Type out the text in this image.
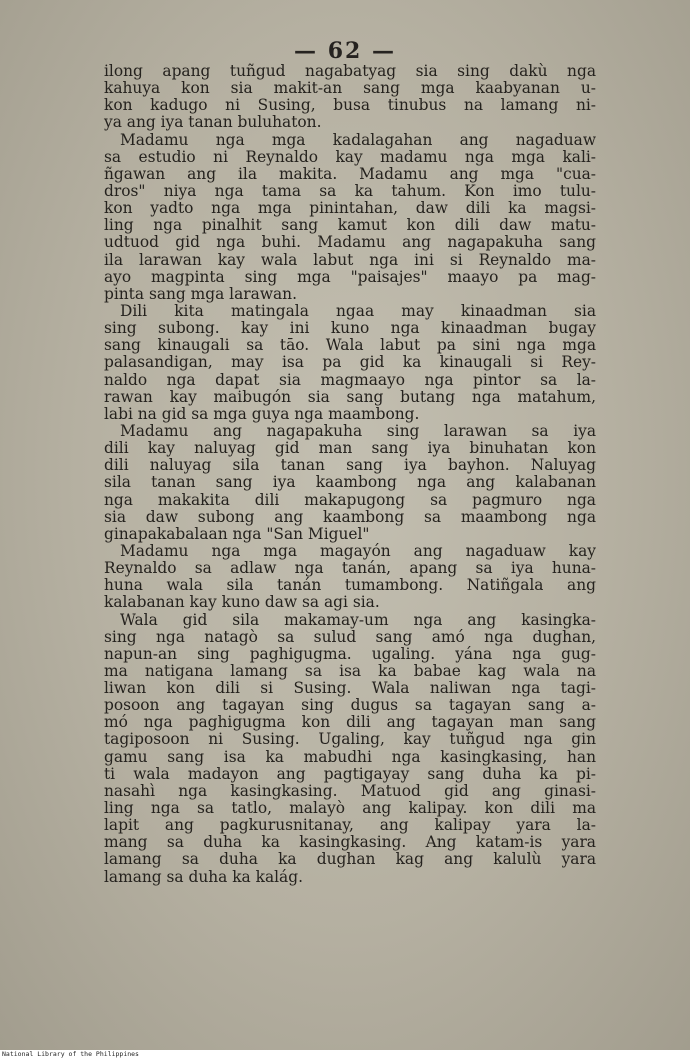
— 62 —
ilong apang tuñgud nagabatyag sia sing dakù nga
kahuya kon sia makit-an sang mga kaabyanan u-
kon kadugo ni Susing, busa tinubus na lamang ni-
ya ang iya tanan buluhaton.
Madamu nga mga kadalagahan ang nagaduaw
sa estudio ni Reynaldo kay madamu nga mga kali-
ñgawan ang ila makita. Madamu ang mga "cua-
dros" niya nga tama sa ka tahum. Kon imo tulu-
kon yadto nga mga pinintahan, daw dili ka magsi-
ling nga pinalhit sang kamut kon dili daw matu-
udtuod gid nga buhi. Madamu ang nagapakuha sang
ila larawan kay wala labut nga ini si Reynaldo ma-
ayo magpinta sing mga "paisajes" maayo pa mag-
pinta sang mga larawan.
Dili kita matingala ngaa may kinaadman sia
sing subong. kay ini kuno nga kinaadman bugay
sang kinaugali sa tāo. Wala labut pa sini nga mga
palasandigan, may isa pa gid ka kinaugali si Rey-
naldo nga dapat sia magmaayo nga pintor sa la-
rawan kay maibugón sia sang butang nga matahum,
labi na gid sa mga guya nga maambong.
Madamu ang nagapakuha sing larawan sa iya
dili kay naluyag gid man sang iya binuhatan kon
dili naluyag sila tanan sang iya bayhon. Naluyag
sila tanan sang iya kaambong nga ang kalabanan
nga makakita dili makapugong sa pagmuro nga
sia daw subong ang kaambong sa maambong nga
ginapakabalaan nga "San Miguel"
Madamu nga mga magayón ang nagaduaw kay
Reynaldo sa adlaw nga tanán, apang sa iya huna-
huna wala sila tanán tumambong. Natiñgala ang
kalabanan kay kuno daw sa agi sia.
Wala gid sila makamay-um nga ang kasingka-
sing nga natagò sa sulud sang amó nga dughan,
napun-an sing paghigugma. ugaling. yána nga gug-
ma natigana lamang sa isa ka babae kag wala na
liwan kon dili si Susing. Wala naliwan nga tagi-
posoon ang tagayan sing dugus sa tagayan sang a-
mó nga paghigugma kon dili ang tagayan man sang
tagiposoon ni Susing. Ugaling, kay tuñgud nga gin
gamu sang isa ka mabudhi nga kasingkasing, han
ti wala madayon ang pagtigayay sang duha ka pi-
nasahì nga kasingkasing. Matuod gid ang ginasi-
ling nga sa tatlo, malayò ang kalipay. kon dili ma
lapit ang pagkurusnitanay, ang kalipay yara la-
mang sa duha ka kasingkasing. Ang katam-is yara
lamang sa duha ka dughan kag ang kalulù yara
lamang sa duha ka kalág.
National Library of the Philippines
